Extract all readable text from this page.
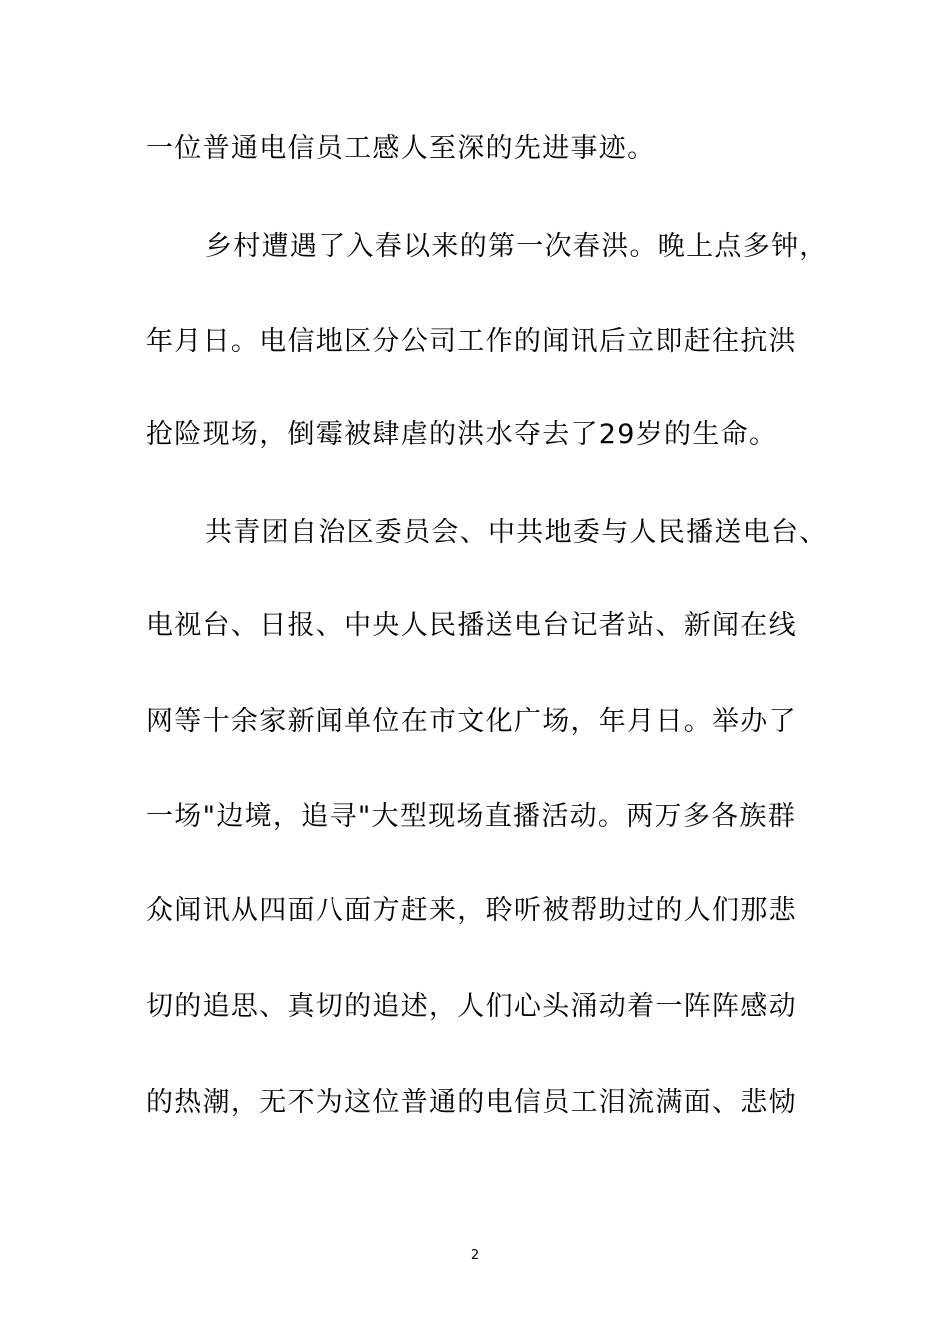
一位普通电信员工感人至深的先进事迹。
乡村遭遇了入春以来的第一次春洪。晚上点多钟，
年月日。电信地区分公司工作的闻讯后立即赶往抗洪
抢险现场，倒霉被肆虐的洪水夺去了29岁的生命。
共青团自治区委员会、中共地委与人民播送电台、
电视台、日报、中央人民播送电台记者站、新闻在线
网等十余家新闻单位在市文化广场，年月日。举办了
一场"边境，追寻"大型现场直播活动。两万多各族群
众闻讯从四面八面方赶来，聆听被帮助过的人们那悲
切的追思、真切的追述，人们心头涌动着一阵阵感动
的热潮，无不为这位普通的电信员工泪流满面、悲恸
2
